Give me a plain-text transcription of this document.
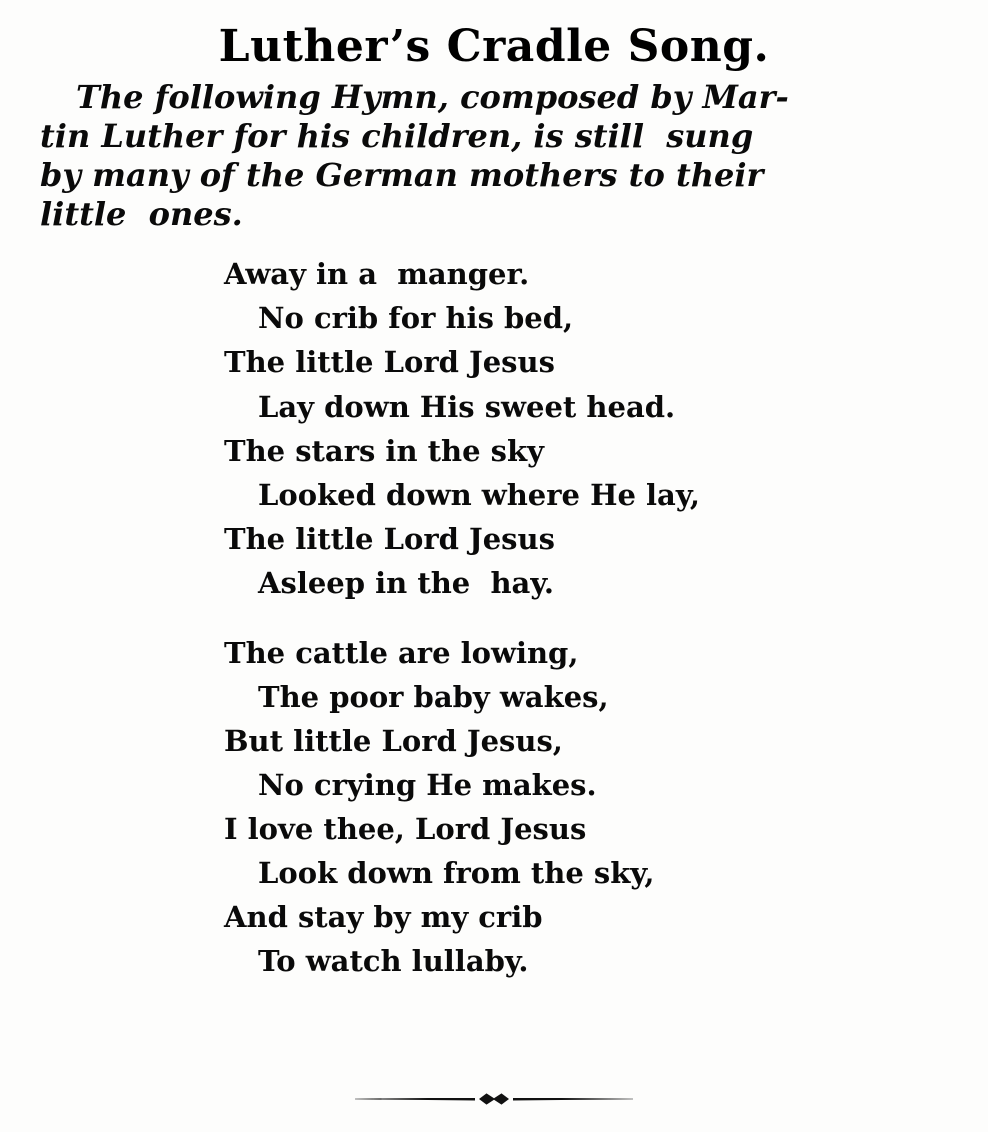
Luther’s Cradle Song.
The following Hymn, composed by Mar-
tin Luther for his children, is still  sung
by many of the German mothers to their
little  ones.
Away in a  manger.
No crib for his bed,
The little Lord Jesus
Lay down His sweet head.
The stars in the sky
Looked down where He lay,
The little Lord Jesus
Asleep in the  hay.
The cattle are lowing,
The poor baby wakes,
But little Lord Jesus,
No crying He makes.
I love thee, Lord Jesus
Look down from the sky,
And stay by my crib
To watch lullaby.
